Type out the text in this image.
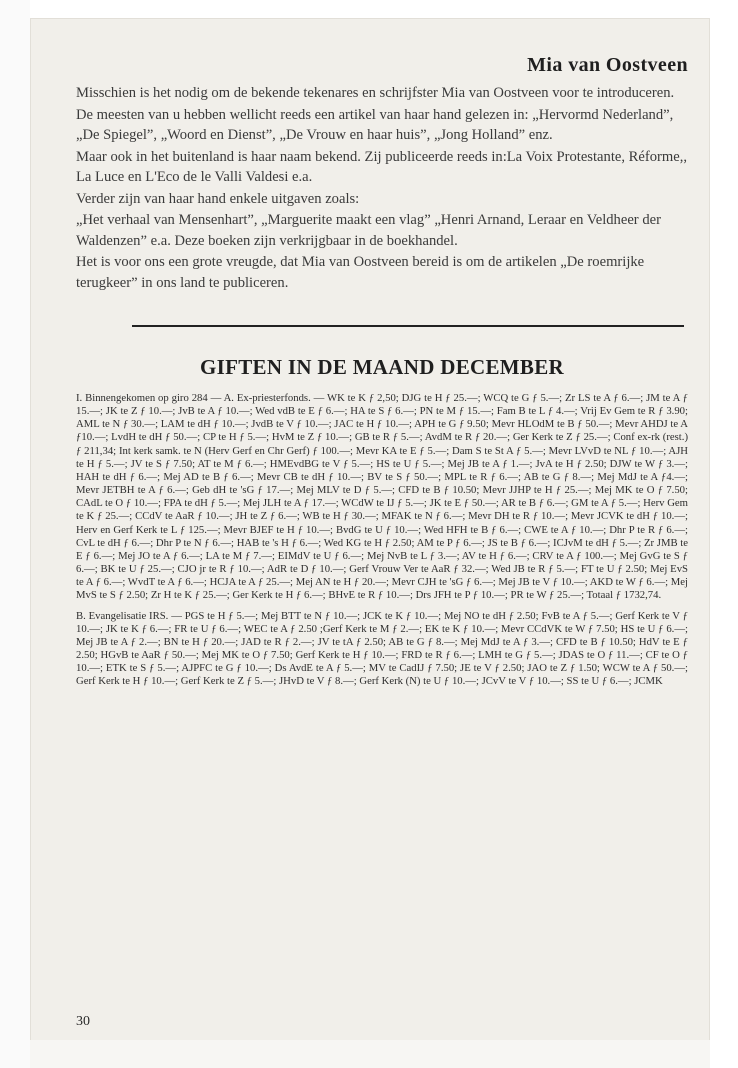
Mia van Oostveen

Misschien is het nodig om de bekende tekenares en schrijfster Mia van Oostveen voor te introduceren.

De meesten van u hebben wellicht reeds een artikel van haar hand gelezen in: „Hervormd Nederland”, „De Spiegel”, „Woord en Dienst”, „De Vrouw en haar huis”, „Jong Holland” enz.

Maar ook in het buitenland is haar naam bekend. Zij publiceerde reeds in:La Voix Protestante, Réforme,, La Luce en L'Eco de le Valli Valdesi e.a.

Verder zijn van haar hand enkele uitgaven zoals:

„Het verhaal van Mensenhart”, „Marguerite maakt een vlag” „Henri Arnand, Leraar en Veldheer der Waldenzen” e.a. Deze boeken zijn verkrijgbaar in de boekhandel.

Het is voor ons een grote vreugde, dat Mia van Oostveen bereid is om de artikelen „De roemrijke terugkeer” in ons land te publiceren.

GIFTEN IN DE MAAND DECEMBER

I. Binnengekomen op giro 284 — A. Ex-priesterfonds. — WK te K ƒ 2,50; DJG te H ƒ 25.—; WCQ te G ƒ 5.—; Zr LS te A ƒ 6.—; JM te A ƒ 15.—; JK te Z ƒ 10.—; JvB te A ƒ 10.—; Wed vdB te E ƒ 6.—; HA te S ƒ 6.—; PN te M ƒ 15.—; Fam B te L ƒ 4.—; Vrij Ev Gem te R ƒ 3.90; AML te N ƒ 30.—; LAM te dH ƒ 10.—; JvdB te V ƒ 10.—; JAC te H ƒ 10.—; APH te G ƒ 9.50; Mevr HLOdM te B ƒ 50.—; Mevr AHDJ te A ƒ10.—; LvdH te dH ƒ 50.—; CP te H ƒ 5.—; HvM te Z ƒ 10.—; GB te R ƒ 5.—; AvdM te R ƒ 20.—; Ger Kerk te Z ƒ 25.—; Conf ex-rk (rest.) ƒ 211,34; Int kerk samk. te N (Herv Gerf en Chr Gerf) ƒ 100.—; Mevr KA te E ƒ 5.—; Dam S te St A ƒ 5.—; Mevr LVvD te NL ƒ 10.—; AJH te H ƒ 5.—; JV te S ƒ 7.50; AT te M ƒ 6.—; HMEvdBG te V ƒ 5.—; HS te U ƒ 5.—; Mej JB te A ƒ 1.—; JvA te H ƒ 2.50; DJW te W ƒ 3.—; HAH te dH ƒ 6.—; Mej AD te B ƒ 6.—; Mevr CB te dH ƒ 10.—; BV te S ƒ 50.—; MPL te R ƒ 6.—; AB te G ƒ 8.—; Mej MdJ te A ƒ4.—; Mevr JETBH te A ƒ 6.—; Geb dH te 'sG ƒ 17.—; Mej MLV te D ƒ 5.—; CFD te B ƒ 10.50; Mevr JJHP te H ƒ 25.—; Mej MK te O ƒ 7.50; CAdL te O ƒ 10.—; FPA te dH ƒ 5.—; Mej JLH te A ƒ 17.—; WCdW te IJ ƒ 5.—; JK te E ƒ 50.—; AR te B ƒ 6.—; GM te A ƒ 5.—; Herv Gem te K ƒ 25.—; CCdV te AaR ƒ 10.—; JH te Z ƒ 6.—; WB te H ƒ 30.—; MFAK te N ƒ 6.—; Mevr DH te R ƒ 10.—; Mevr JCVK te dH ƒ 10.—; Herv en Gerf Kerk te L ƒ 125.—; Mevr BJEF te H ƒ 10.—; BvdG te U ƒ 10.—; Wed HFH te B ƒ 6.—; CWE te A ƒ 10.—; Dhr P te R ƒ 6.—; CvL te dH ƒ 6.—; Dhr P te N ƒ 6.—; HAB te 's H ƒ 6.—; Wed KG te H ƒ 2.50; AM te P ƒ 6.—; JS te B ƒ 6.—; ICJvM te dH ƒ 5.—; Zr JMB te E ƒ 6.—; Mej JO te A ƒ 6.—; LA te M ƒ 7.—; EIMdV te U ƒ 6.—; Mej NvB te L ƒ 3.—; AV te H ƒ 6.—; CRV te A ƒ 100.—; Mej GvG te S ƒ 6.—; BK te U ƒ 25.—; CJO jr te R ƒ 10.—; AdR te D ƒ 10.—; Gerf Vrouw Ver te AaR ƒ 32.—; Wed JB te R ƒ 5.—; FT te U ƒ 2.50; Mej EvS te A ƒ 6.—; WvdT te A ƒ 6.—; HCJA te A ƒ 25.—; Mej AN te H ƒ 20.—; Mevr CJH te 'sG ƒ 6.—; Mej JB te V ƒ 10.—; AKD te W ƒ 6.—; Mej MvS te S ƒ 2.50; Zr H te K ƒ 25.—; Ger Kerk te H ƒ 6.—; BHvE te R ƒ 10.—; Drs JFH te P ƒ 10.—; PR te W ƒ 25.—; Totaal ƒ 1732,74.

B. Evangelisatie IRS. — PGS te H ƒ 5.—; Mej BTT te N ƒ 10.—; JCK te K ƒ 10.—; Mej NO te dH ƒ 2.50; FvB te A ƒ 5.—; Gerf Kerk te V ƒ 10.—; JK te K ƒ 6.—; FR te U ƒ 6.—; WEC te A ƒ 2.50 ;Gerf Kerk te M ƒ 2.—; EK te K ƒ 10.—; Mevr CCdVK te W ƒ 7.50; HS te U ƒ 6.—; Mej JB te A ƒ 2.—; BN te H ƒ 20.—; JAD te R ƒ 2.—; JV te tA ƒ 2.50; AB te G ƒ 8.—; Mej MdJ te A ƒ 3.—; CFD te B ƒ 10.50; HdV te E ƒ 2.50; HGvB te AaR ƒ 50.—; Mej MK te O ƒ 7.50; Gerf Kerk te H ƒ 10.—; FRD te R ƒ 6.—; LMH te G ƒ 5.—; JDAS te O ƒ 11.—; CF te O ƒ 10.—; ETK te S ƒ 5.—; AJPFC te G ƒ 10.—; Ds AvdE te A ƒ 5.—; MV te CadIJ ƒ 7.50; JE te V ƒ 2.50; JAO te Z ƒ 1.50; WCW te A ƒ 50.—; Gerf Kerk te H ƒ 10.—; Gerf Kerk te Z ƒ 5.—; JHvD te V ƒ 8.—; Gerf Kerk (N) te U ƒ 10.—; JCvV te V ƒ 10.—; SS te U ƒ 6.—; JCMK

30
